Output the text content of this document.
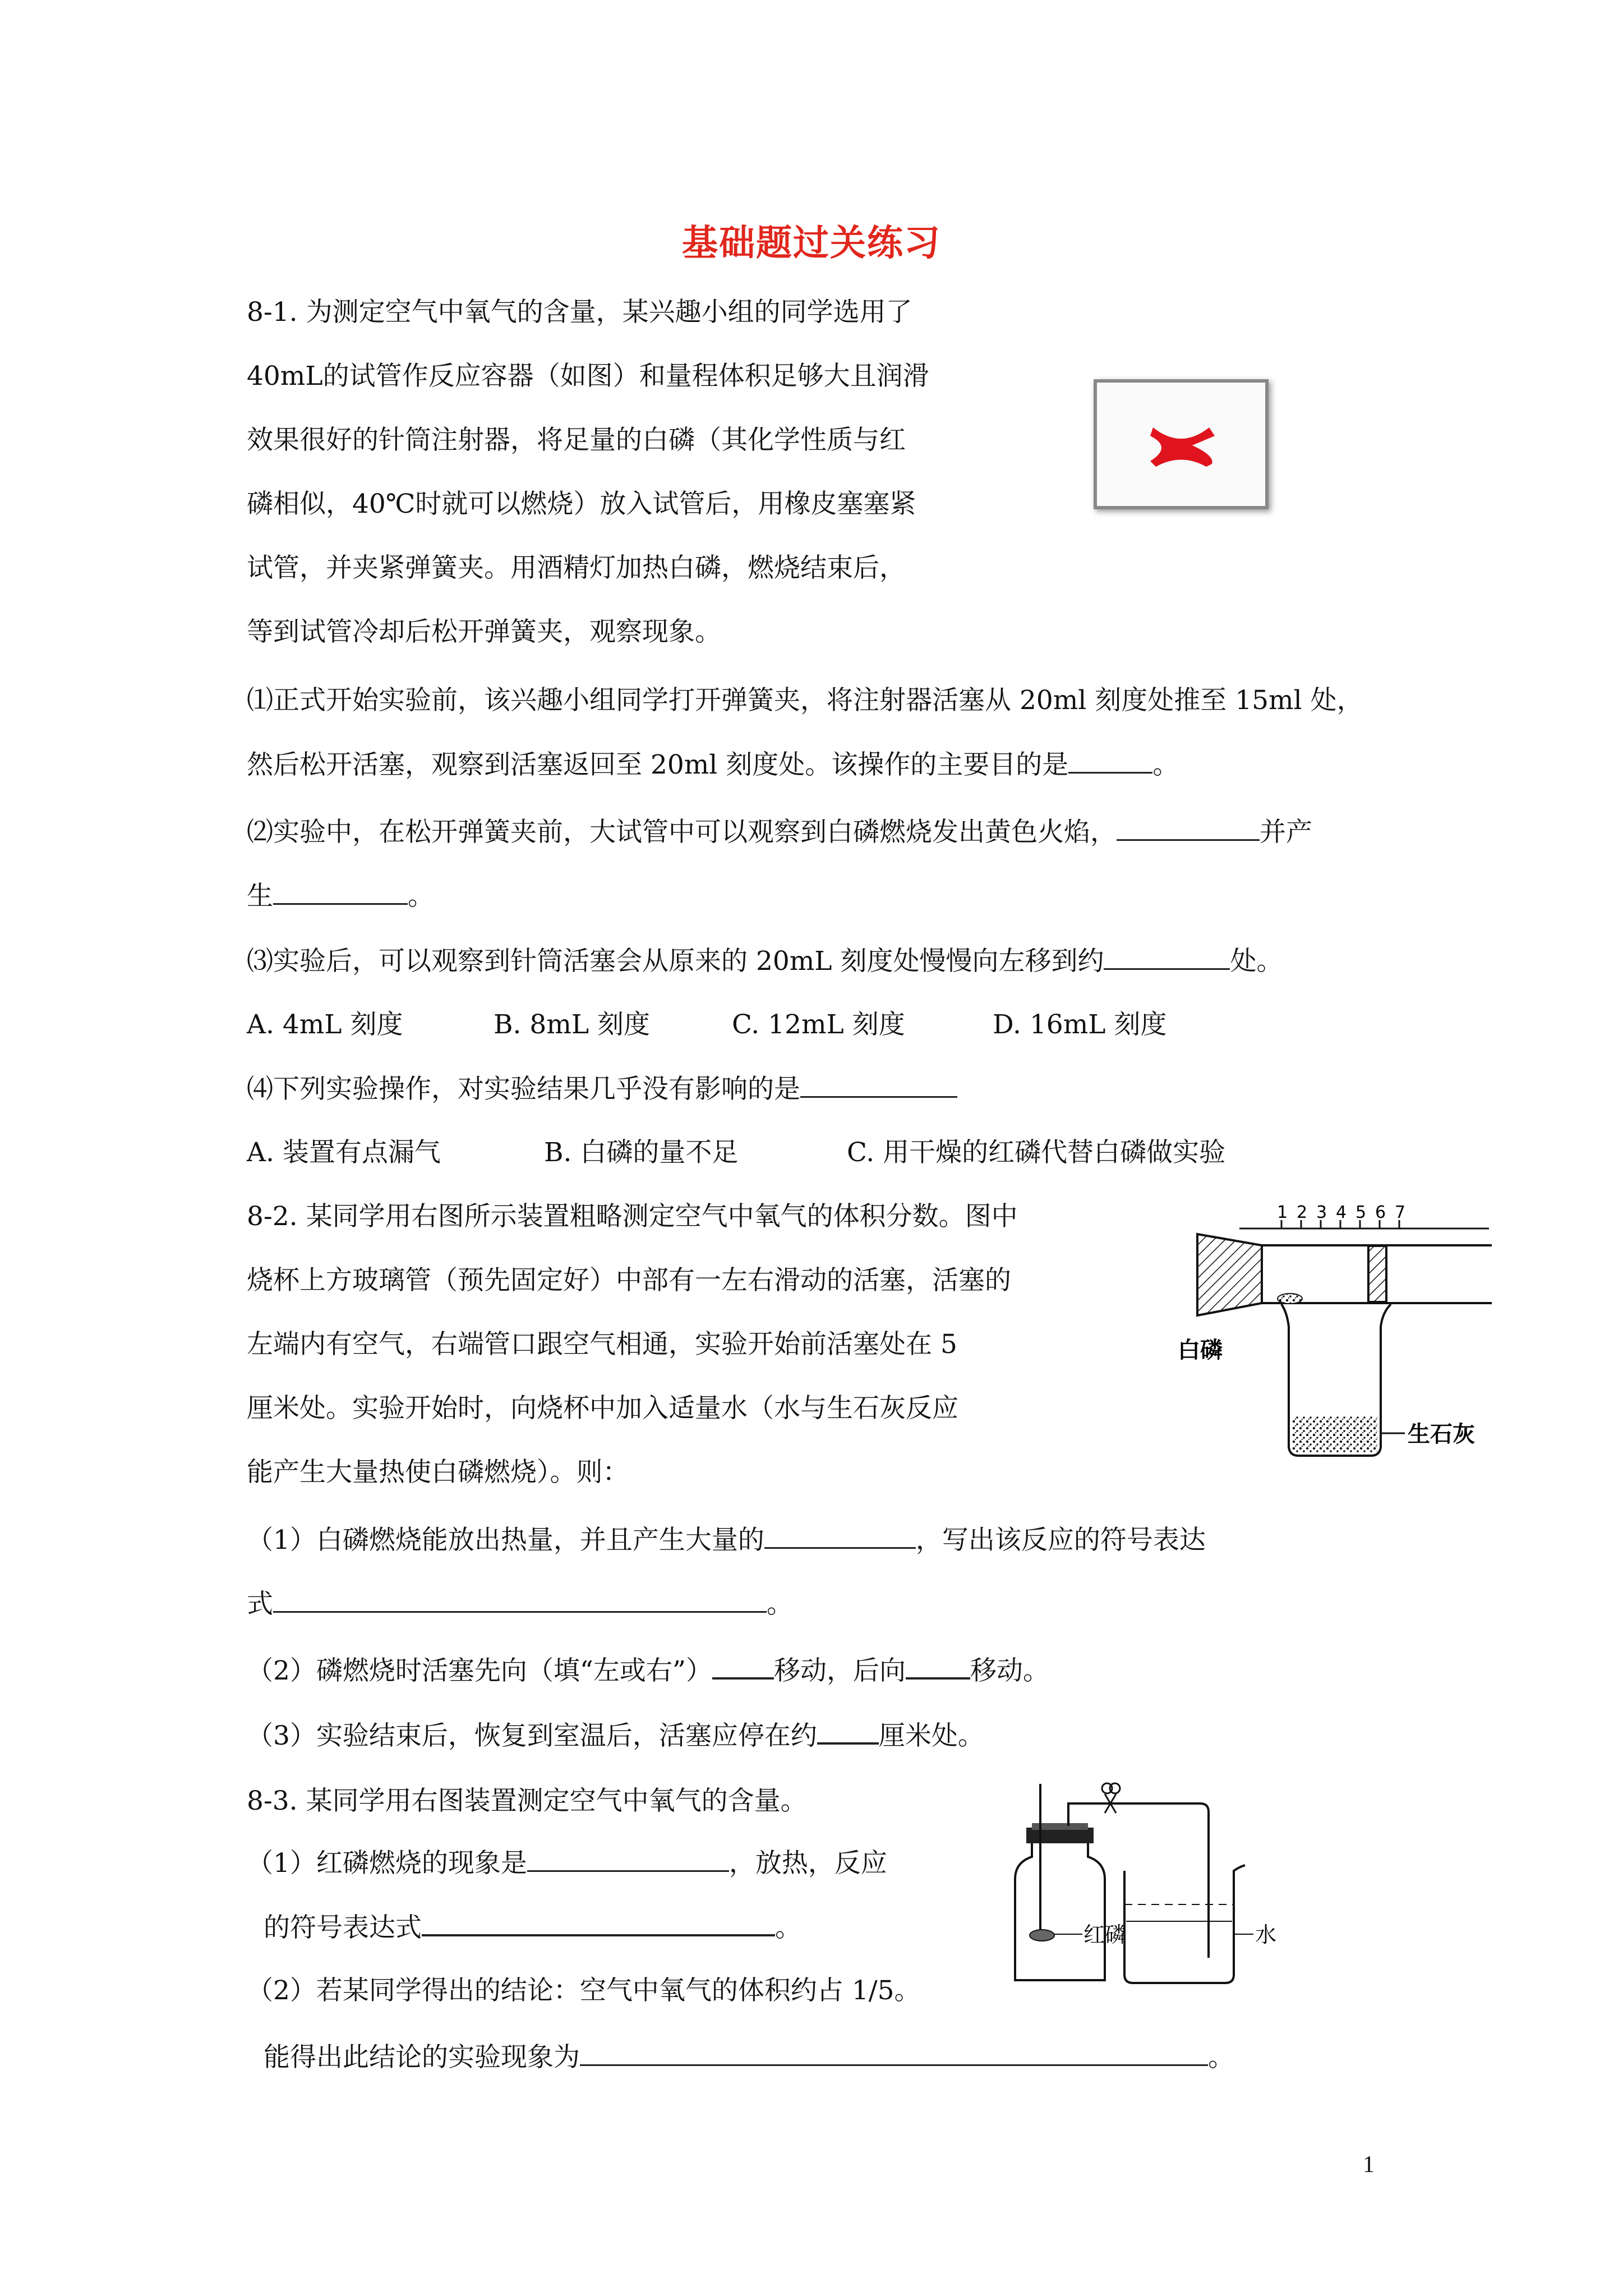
基础题过关练习
8-1. 为测定空气中氧气的含量，某兴趣小组的同学选用了
40mL的试管作反应容器（如图）和量程体积足够大且润滑
效果很好的针筒注射器，将足量的白磷（其化学性质与红
磷相似，40℃时就可以燃烧）放入试管后，用橡皮塞塞紧
试管，并夹紧弹簧夹。用酒精灯加热白磷，燃烧结束后，
等到试管冷却后松开弹簧夹，观察现象。
⑴正式开始实验前，该兴趣小组同学打开弹簧夹，将注射器活塞从 20ml 刻度处推至 15ml 处，
然后松开活塞，观察到活塞返回至 20ml 刻度处。该操作的主要目的是	。
⑵实验中，在松开弹簧夹前，大试管中可以观察到白磷燃烧发出黄色火焰，	并产
生	。
⑶实验后，可以观察到针筒活塞会从原来的 20mL 刻度处慢慢向左移到约	处。
A. 4mL 刻度	B. 8mL 刻度	C. 12mL 刻度	D. 16mL 刻度
⑷下列实验操作，对实验结果几乎没有影响的是
A. 装置有点漏气	B. 白磷的量不足	C. 用干燥的红磷代替白磷做实验
8-2. 某同学用右图所示装置粗略测定空气中氧气的体积分数。图中
烧杯上方玻璃管（预先固定好）中部有一左右滑动的活塞，活塞的
左端内有空气，右端管口跟空气相通，实验开始前活塞处在 5
厘米处。实验开始时，向烧杯中加入适量水（水与生石灰反应
能产生大量热使白磷燃烧）。则：
1 2 3 4 5 6 7
白磷
生石灰
（1）白磷燃烧能放出热量，并且产生大量的	，写出该反应的符号表达
式	。
（2）磷燃烧时活塞先向（填“左或右”） 移动，后向 移动。
（3）实验结束后，恢复到室温后，活塞应停在约 厘米处。
8-3. 某同学用右图装置测定空气中氧气的含量。
红磷	水
（1）红磷燃烧的现象是	，放热，反应
的符号表达式	。
（2）若某同学得出的结论：空气中氧气的体积约占 1/5。
能得出此结论的实验现象为	。
1
